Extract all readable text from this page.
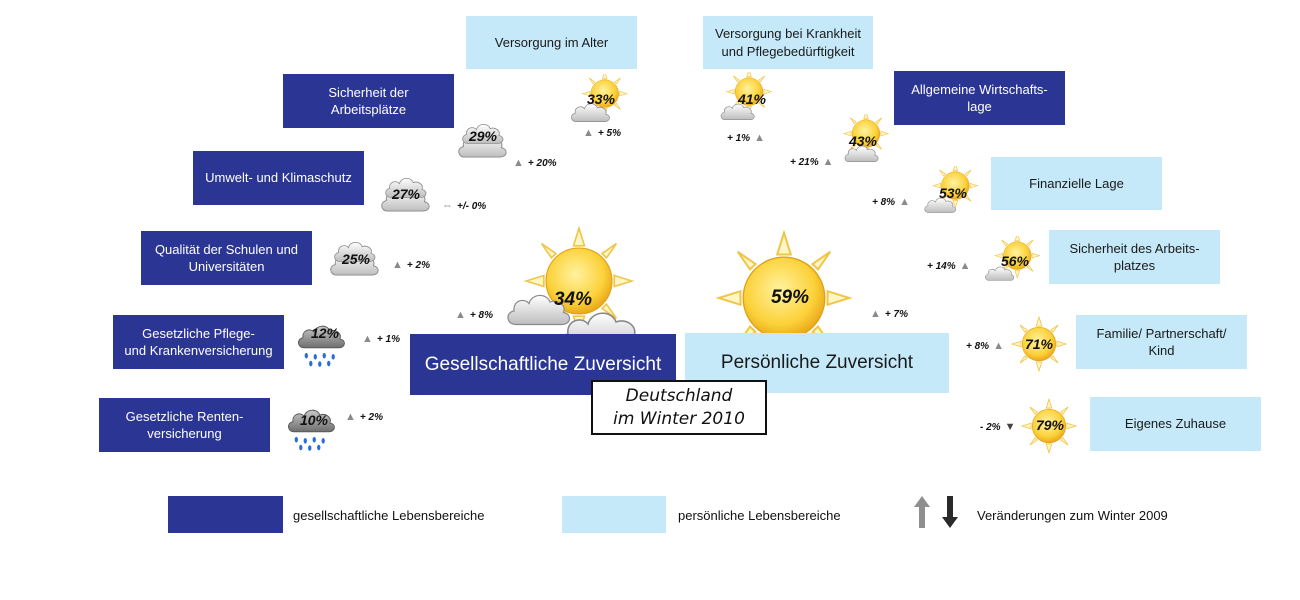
Versorgung im Alter
Versorgung bei Krankheit
und Pflegebedürftigkeit
Sicherheit der
Arbeitsplätze
Umwelt- und Klimaschutz
Qualität der Schulen und
Universitäten
Gesetzliche Pflege-
und Krankenversicherung
Gesetzliche Renten-
versicherung
Allgemeine Wirtschafts-
lage
Finanzielle Lage
Sicherheit des Arbeits-
platzes
Familie/ Partnerschaft/
Kind
Eigenes Zuhause
33%
29%
27%
25%
12%
10%
34%
41%
43%
53%
56%
71%
79%
59%
▲ + 5%
▲ + 20%
⇔ +/- 0%
▲ + 2%
▲ + 1%
▲ + 2%
▲ + 8%
+ 1% ▲
+ 21% ▲
+ 8% ▲
+ 14% ▲
+ 8% ▲
- 2% ▼
▲ + 7%
Gesellschaftliche Zuversicht	Persönliche Zuversicht
Deutschland
im Winter 2010
gesellschaftliche Lebensbereiche	persönliche Lebensbereiche	Veränderungen zum Winter 2009
